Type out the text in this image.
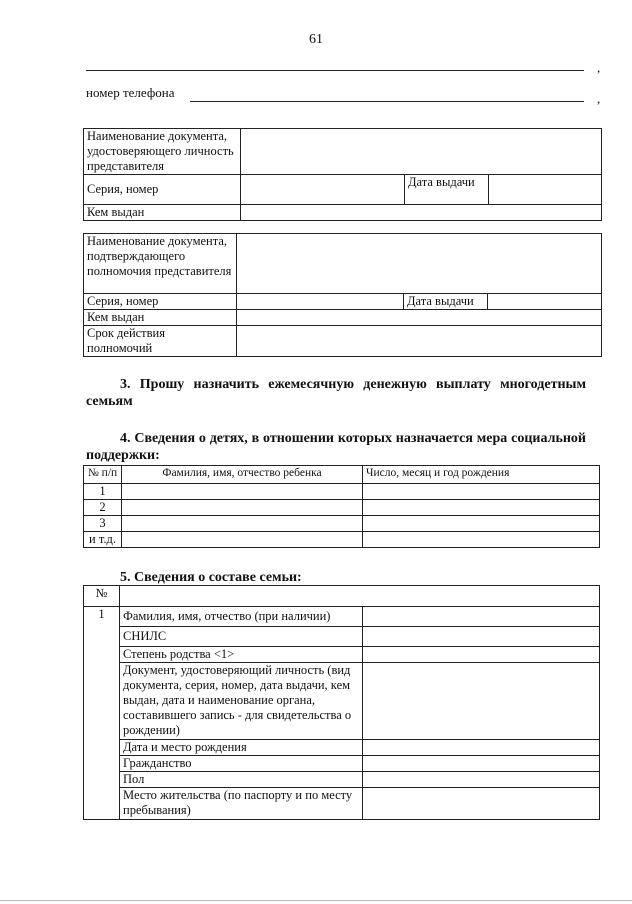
61
,
номер телефона	,
Наименование документа, удостоверяющего личность представителя			
Серия, номер		Дата выдачи	
Кем выдан			
Наименование документа, подтверждающего полномочия представителя			
Серия, номер		Дата выдачи	
Кем выдан			
Срок действия полномочий			
3. Прошу назначить ежемесячную денежную выплату многодетным семьям
4. Сведения о детях, в отношении которых назначается мера социальной поддержки:
№ п/п	Фамилия, имя, отчество ребенка	Число, месяц и год рождения
1		
2		
3		
и т.д.		
5. Сведения о составе семьи:
№		
1	Фамилия, имя, отчество (при наличии)	
	СНИЛС	
	Степень родства <1>	
	Документ, удостоверяющий личность (вид документа, серия, номер, дата выдачи, кем выдан, дата и наименование органа, составившего запись - для свидетельства о рождении)	
	Дата и место рождения	
	Гражданство	
	Пол	
	Место жительства (по паспорту и по месту пребывания)	
